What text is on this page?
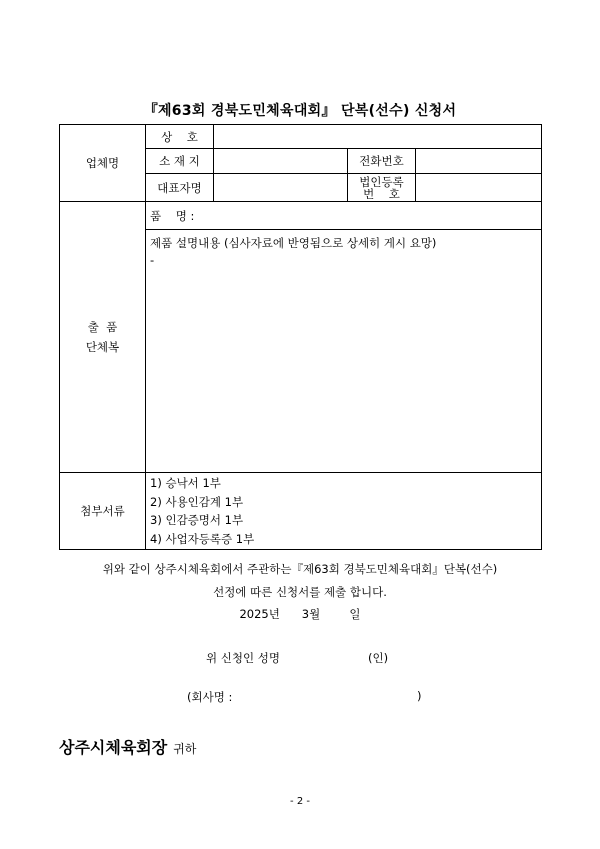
『제63회 경북도민체육대회』 단복(선수) 신청서
업체명	상    호			
	소 재 지		전화번호	
	대표자명		법인등록
번    호	

출  품
단체복	품    명 :			

	제품 설명내용 (심사자료에 반영됨으로 상세히 게시 요망)
-			

첨부서류	1) 승낙서 1부
2) 사용인감계 1부
3) 인감증명서 1부
4) 사업자등록증 1부			
위와 같이 상주시체육회에서 주관하는『제63회 경북도민체육대회』단복(선수)
선정에 따른 신청서를 제출 합니다.
2025년      3월        일
위 신청인 성명	(인)
(회사명 :	)
상주시체육회장 귀하
- 2 -
